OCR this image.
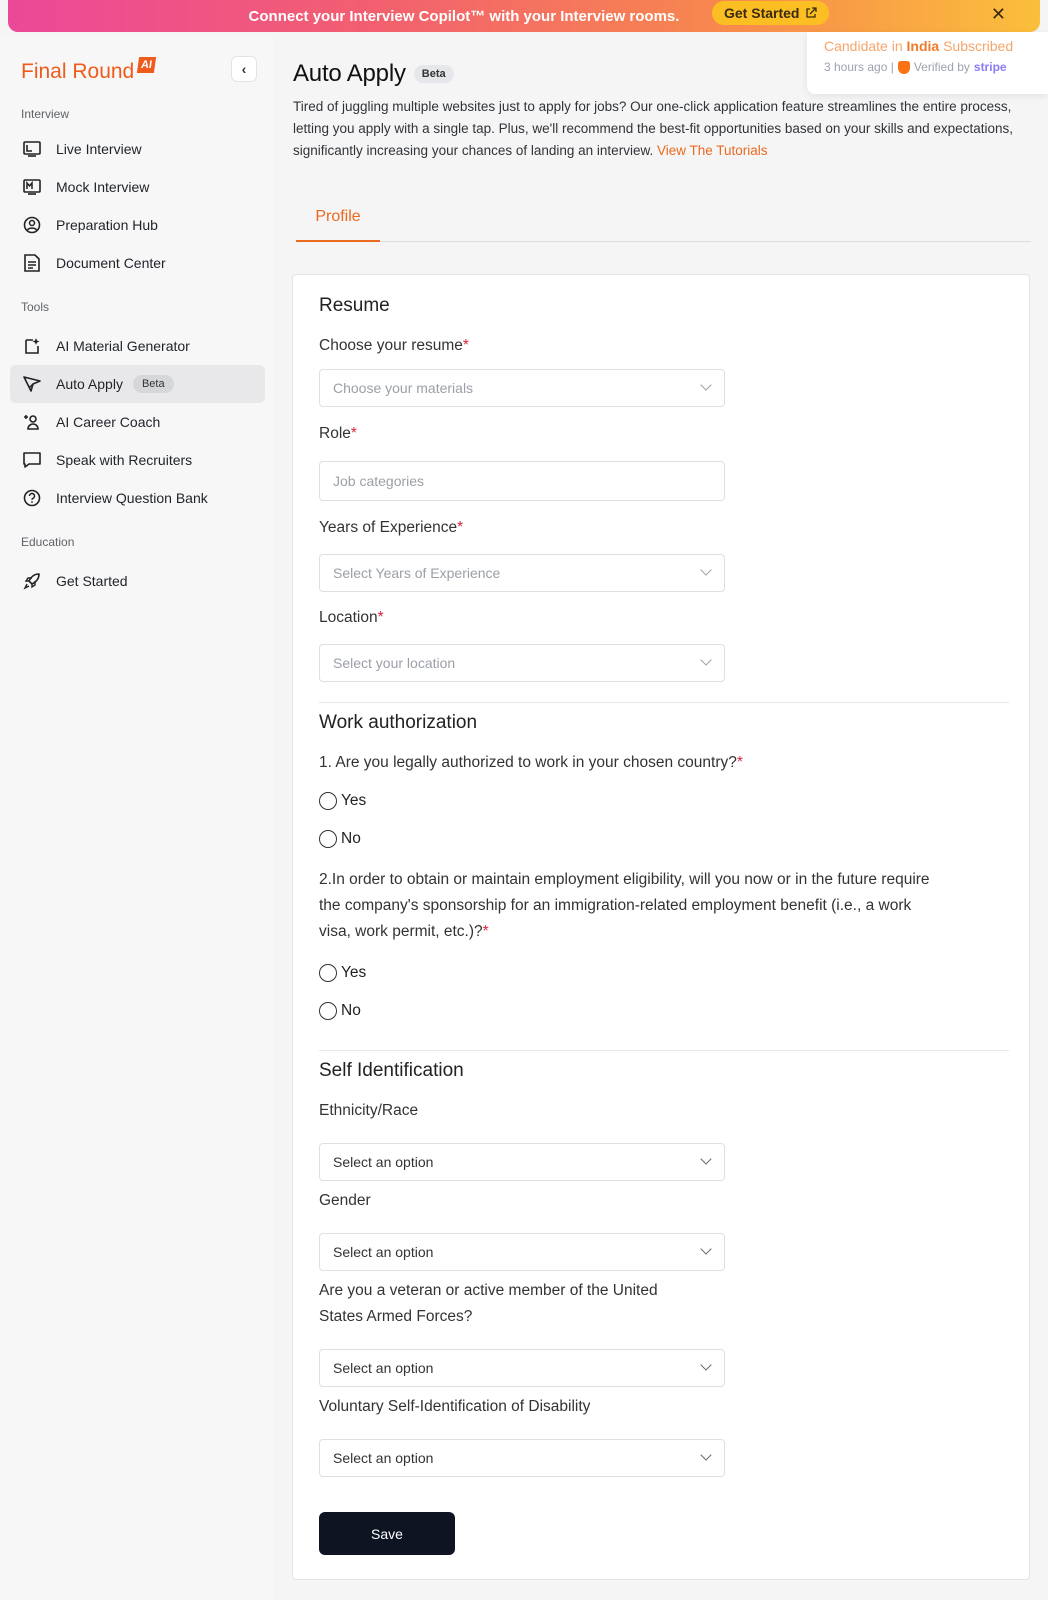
Connect your Interview Copilot™ with your Interview rooms.	Get Started	✕
Candidate in India Subscribed
3 hours ago | Verified by stripe
Final Round AI	‹
Interview
Live Interview
Mock Interview
Preparation Hub
Document Center
Tools
AI Material Generator
Auto Apply	Beta
AI Career Coach
Speak with Recruiters
Interview Question Bank
Education
Get Started
Auto Apply	Beta
Tired of juggling multiple websites just to apply for jobs? Our one-click application feature streamlines the entire process, letting you apply with a single tap. Plus, we'll recommend the best-fit opportunities based on your skills and expectations, significantly increasing your chances of landing an interview. View The Tutorials
Profile
Resume
Choose your resume*
Choose your materials
Role*
Job categories
Years of Experience*
Select Years of Experience
Location*
Select your location
Work authorization
1. Are you legally authorized to work in your chosen country?*
Yes
No
2.In order to obtain or maintain employment eligibility, will you now or in the future require
the company's sponsorship for an immigration-related employment benefit (i.e., a work
visa, work permit, etc.)?*
Yes
No
Self Identification
Ethnicity/Race
Select an option
Gender
Select an option
Are you a veteran or active member of the United
States Armed Forces?
Select an option
Voluntary Self-Identification of Disability
Select an option
Save
